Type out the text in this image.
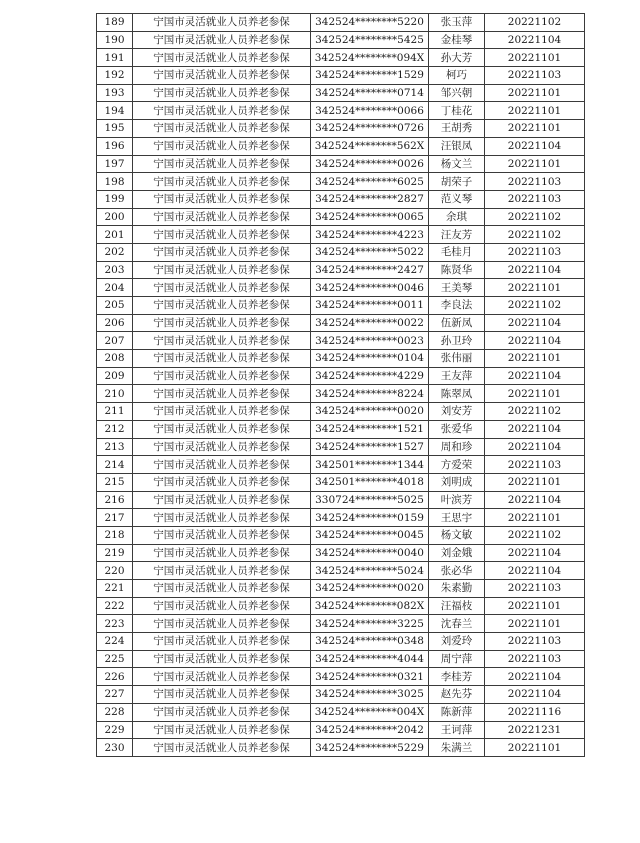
189	宁国市灵活就业人员养老参保	342524********5220	张玉萍	20221102
190	宁国市灵活就业人员养老参保	342524********5425	金桂琴	20221104
191	宁国市灵活就业人员养老参保	342524********094X	孙大芳	20221101
192	宁国市灵活就业人员养老参保	342524********1529	柯巧	20221103
193	宁国市灵活就业人员养老参保	342524********0714	邹兴朝	20221101
194	宁国市灵活就业人员养老参保	342524********0066	丁桂花	20221101
195	宁国市灵活就业人员养老参保	342524********0726	王胡秀	20221101
196	宁国市灵活就业人员养老参保	342524********562X	汪银凤	20221104
197	宁国市灵活就业人员养老参保	342524********0026	杨文兰	20221101
198	宁国市灵活就业人员养老参保	342524********6025	胡荣子	20221103
199	宁国市灵活就业人员养老参保	342524********2827	范义琴	20221103
200	宁国市灵活就业人员养老参保	342524********0065	余琪	20221102
201	宁国市灵活就业人员养老参保	342524********4223	汪友芳	20221102
202	宁国市灵活就业人员养老参保	342524********5022	毛桂月	20221103
203	宁国市灵活就业人员养老参保	342524********2427	陈贤华	20221104
204	宁国市灵活就业人员养老参保	342524********0046	王美琴	20221101
205	宁国市灵活就业人员养老参保	342524********0011	李良法	20221102
206	宁国市灵活就业人员养老参保	342524********0022	伍新凤	20221104
207	宁国市灵活就业人员养老参保	342524********0023	孙卫玲	20221104
208	宁国市灵活就业人员养老参保	342524********0104	张伟丽	20221101
209	宁国市灵活就业人员养老参保	342524********4229	王友萍	20221104
210	宁国市灵活就业人员养老参保	342524********8224	陈翠凤	20221101
211	宁国市灵活就业人员养老参保	342524********0020	刘安芳	20221102
212	宁国市灵活就业人员养老参保	342524********1521	张爱华	20221104
213	宁国市灵活就业人员养老参保	342524********1527	周和珍	20221104
214	宁国市灵活就业人员养老参保	342501********1344	方爱荣	20221103
215	宁国市灵活就业人员养老参保	342501********4018	刘明成	20221101
216	宁国市灵活就业人员养老参保	330724********5025	叶滨芳	20221104
217	宁国市灵活就业人员养老参保	342524********0159	王思宇	20221101
218	宁国市灵活就业人员养老参保	342524********0045	杨文敏	20221102
219	宁国市灵活就业人员养老参保	342524********0040	刘金娥	20221104
220	宁国市灵活就业人员养老参保	342524********5024	张必华	20221104
221	宁国市灵活就业人员养老参保	342524********0020	朱素勤	20221103
222	宁国市灵活就业人员养老参保	342524********082X	汪福枝	20221101
223	宁国市灵活就业人员养老参保	342524********3225	沈春兰	20221101
224	宁国市灵活就业人员养老参保	342524********0348	刘爱玲	20221103
225	宁国市灵活就业人员养老参保	342524********4044	周宁萍	20221103
226	宁国市灵活就业人员养老参保	342524********0321	李桂芳	20221104
227	宁国市灵活就业人员养老参保	342524********3025	赵先芬	20221104
228	宁国市灵活就业人员养老参保	342524********004X	陈新萍	20221116
229	宁国市灵活就业人员养老参保	342524********2042	王诃萍	20221231
230	宁国市灵活就业人员养老参保	342524********5229	朱满兰	20221101
